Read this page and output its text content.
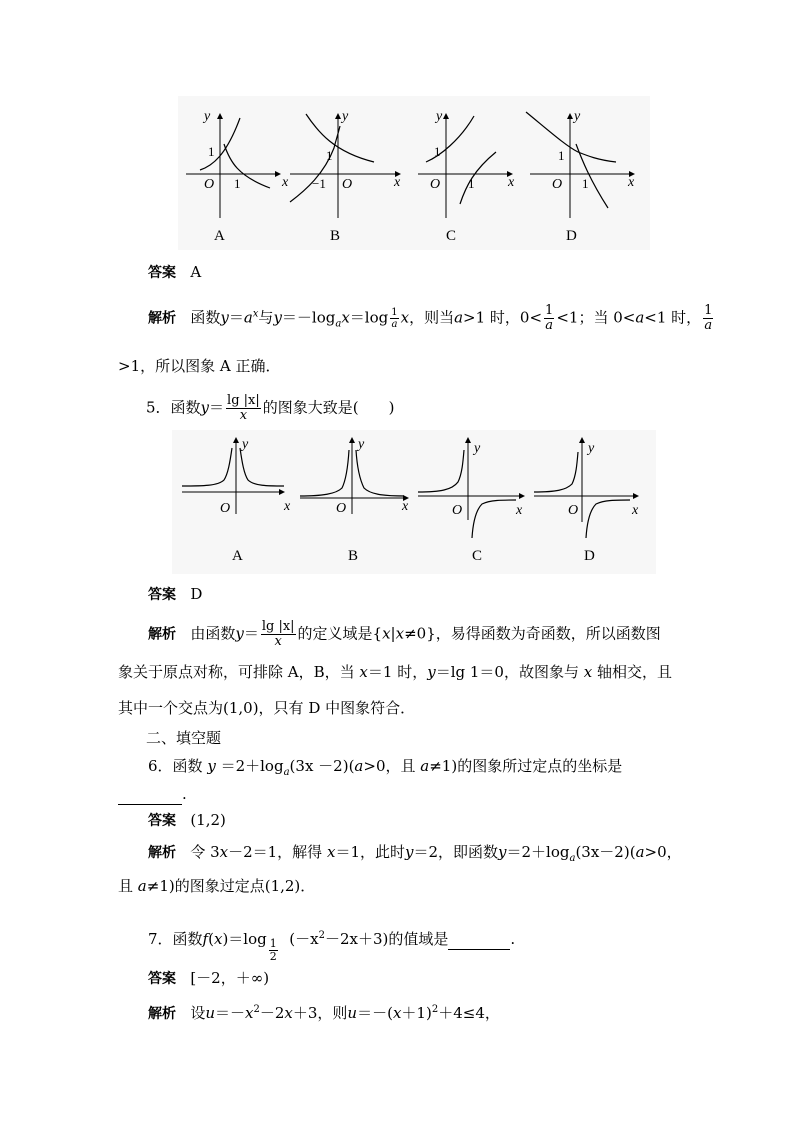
y
x
O
1
1
A
y
x
O
1
−1
B
y
x
O
1
1
C
y
x
O
1
1
D
答案 A
解析 函数$y=a^x$与$y=-\log_ax=\log \frac{1}{a}$ x，则当a>1 时，$0< \frac{1}{a} <1$；当 0<a<1 时， $\frac{1}{a}$
>1，所以图象 A 正确．
5．函数$y= \frac{\lg |x|}{x}$ 的图象大致是(　　)
y
x
O
A
y
x
O
B
y
x
O
C
y
x
O
D
答案 D
解析 由函数$y= \frac{\lg |x|}{x}$ 的定义域是{x|x≠0}，易得函数为奇函数，所以函数图
象关于原点对称，可排除 A，B，当 x＝1 时，y＝lg 1＝0，故图象与 x 轴相交，且
其中一个交点为(1,0)，只有 D 中图象符合．
二、填空题
6．函数 $y =2+\log_a(3x -2)(a>0$，且 a≠1)的图象所过定点的坐标是
.
答案 (1,2)
解析 令 3x－2＝1，解得 x＝1，此时y＝2，即函数$y=2+\log_a(3x-2)(a>0$，
且 a≠1)的图象过定点(1,2)．
7．函数$f(x)=\log \frac{1}{2} (-x^2-2x+3)$的值域是	.
答案 [－2，＋∞)
解析 设$u=-x^2-2x+3$，则$u=-(x+1)^2+4\le 4$，
